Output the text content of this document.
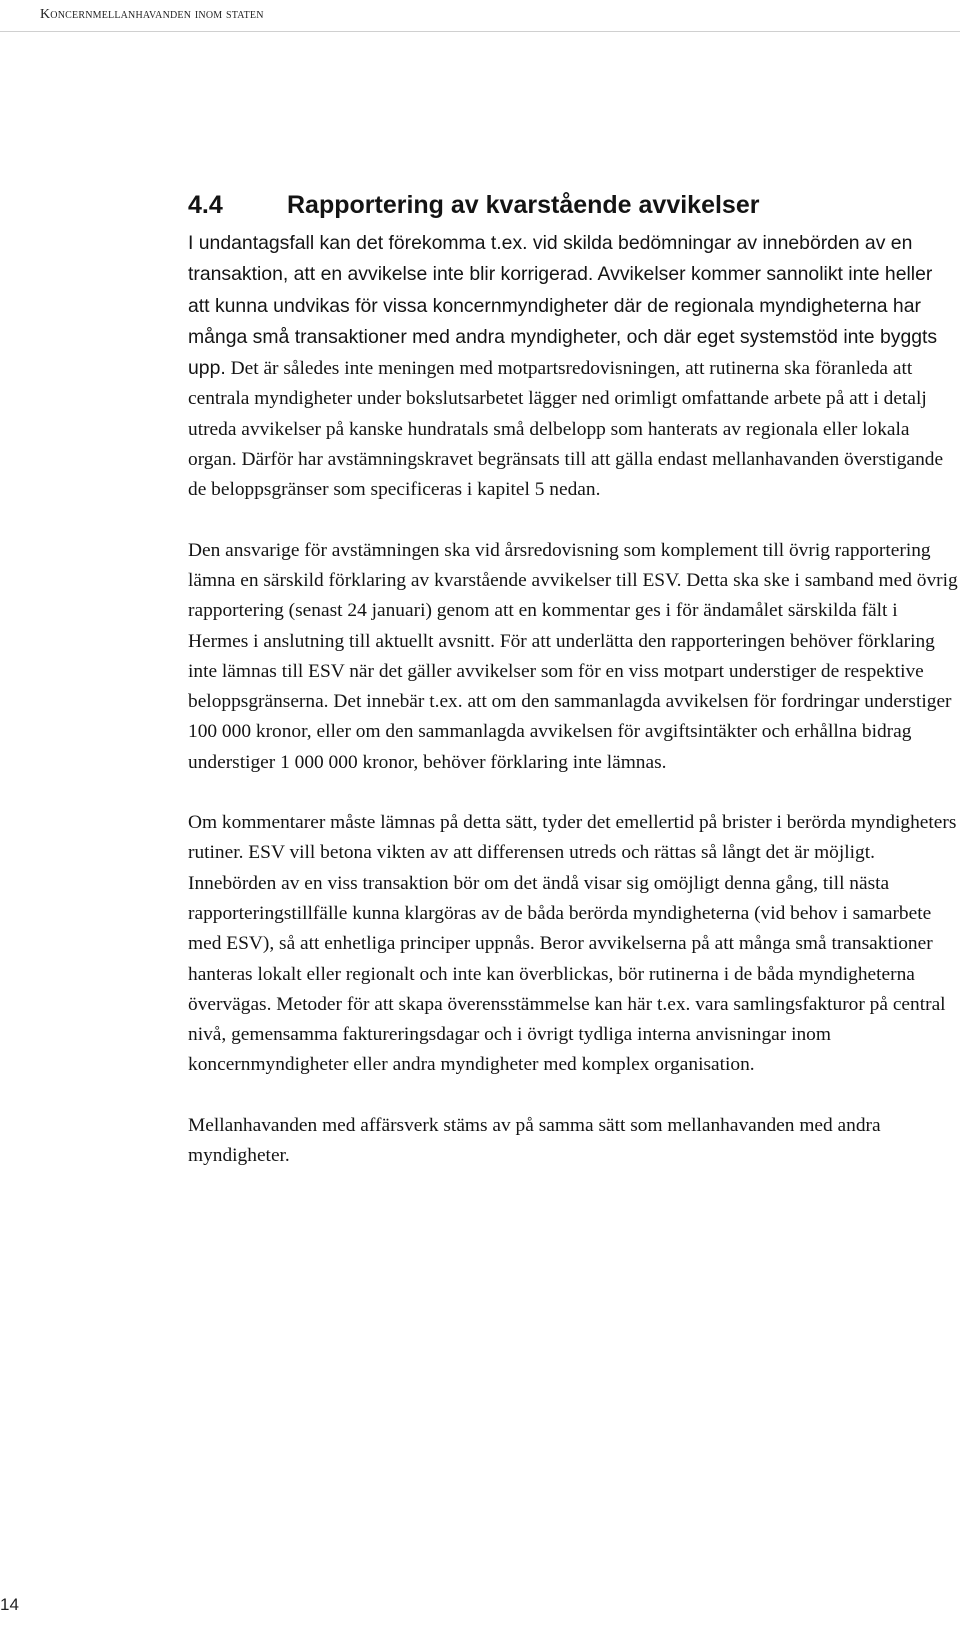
Koncernmellanhavanden inom staten
4.4	Rapportering av kvarstående avvikelser

I undantagsfall kan det förekomma t.ex. vid skilda bedömningar av innebörden av en transaktion, att en avvikelse inte blir korrigerad. Avvikelser kommer sannolikt inte heller att kunna undvikas för vissa koncernmyndigheter där de regionala myndigheterna har många små transaktioner med andra myndigheter, och där eget systemstöd inte byggts upp. Det är således inte meningen med motpartsredovisningen, att rutinerna ska föranleda att centrala myndigheter under bokslutsarbetet lägger ned orimligt omfattande arbete på att i detalj utreda avvikelser på kanske hundratals små delbelopp som hanterats av regionala eller lokala organ. Därför har avstämningskravet begränsats till att gälla endast mellanhavanden överstigande de beloppsgränser som specificeras i kapitel 5 nedan.

Den ansvarige för avstämningen ska vid årsredovisning som komplement till övrig rapportering lämna en särskild förklaring av kvarstående avvikelser till ESV. Detta ska ske i samband med övrig rapportering (senast 24 januari) genom att en kommentar ges i för ändamålet särskilda fält i Hermes i anslutning till aktuellt avsnitt. För att underlätta den rapporteringen behöver förklaring inte lämnas till ESV när det gäller avvikelser som för en viss motpart understiger de respektive beloppsgränserna. Det innebär t.ex. att om den sammanlagda avvikelsen för fordringar understiger 100 000 kronor, eller om den sammanlagda avvikelsen för avgiftsintäkter och erhållna bidrag understiger 1 000 000 kronor, behöver förklaring inte lämnas.

Om kommentarer måste lämnas på detta sätt, tyder det emellertid på brister i berörda myndigheters rutiner. ESV vill betona vikten av att differensen utreds och rättas så långt det är möjligt. Innebörden av en viss transaktion bör om det ändå visar sig omöjligt denna gång, till nästa rapporteringstillfälle kunna klargöras av de båda berörda myndigheterna (vid behov i samarbete med ESV), så att enhetliga principer uppnås. Beror avvikelserna på att många små transaktioner hanteras lokalt eller regionalt och inte kan överblickas, bör rutinerna i de båda myndigheterna övervägas. Metoder för att skapa överensstämmelse kan här t.ex. vara samlingsfakturor på central nivå, gemensamma faktureringsdagar och i övrigt tydliga interna anvisningar inom koncernmyndigheter eller andra myndigheter med komplex organisation.

Mellanhavanden med affärsverk stäms av på samma sätt som mellanhavanden med andra myndigheter.

14
